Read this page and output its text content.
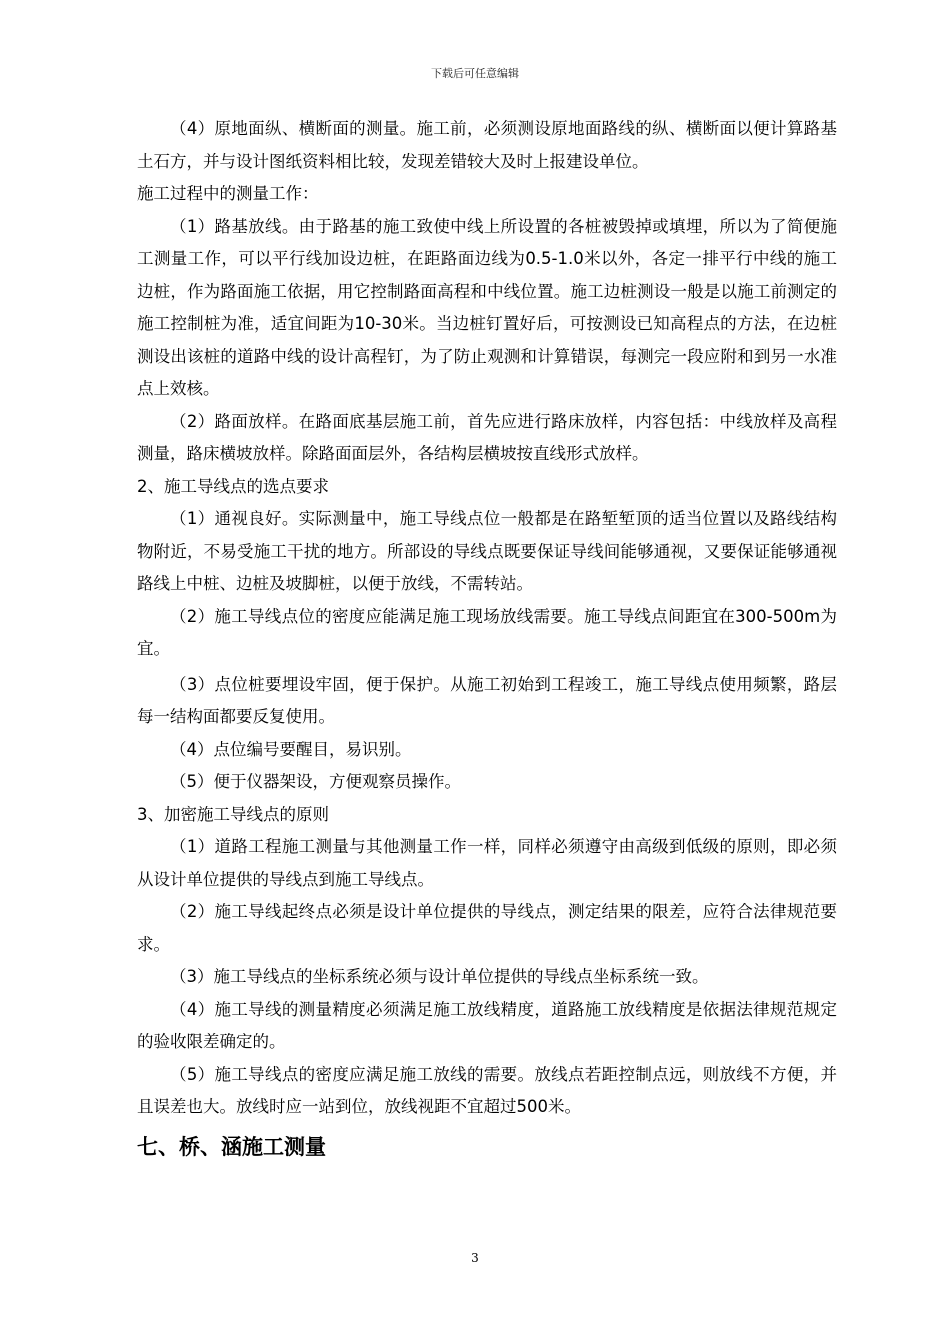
下载后可任意编辑

（4）原地面纵、横断面的测量。施工前，必须测设原地面路线的纵、横断面以便计算路基土石方，并与设计图纸资料相比较，发现差错较大及时上报建设单位。

施工过程中的测量工作：

（1）路基放线。由于路基的施工致使中线上所设置的各桩被毁掉或填埋，所以为了简便施工测量工作，可以平行线加设边桩，在距路面边线为0.5-1.0米以外，各定一排平行中线的施工边桩，作为路面施工依据，用它控制路面高程和中线位置。施工边桩测设一般是以施工前测定的施工控制桩为准，适宜间距为10-30米。当边桩钉置好后，可按测设已知高程点的方法，在边桩测设出该桩的道路中线的设计高程钉，为了防止观测和计算错误，每测完一段应附和到另一水准点上效核。

（2）路面放样。在路面底基层施工前，首先应进行路床放样，内容包括：中线放样及高程测量，路床横坡放样。除路面面层外，各结构层横坡按直线形式放样。

2、施工导线点的选点要求

（1）通视良好。实际测量中，施工导线点位一般都是在路堑堑顶的适当位置以及路线结构物附近，不易受施工干扰的地方。所部设的导线点既要保证导线间能够通视，又要保证能够通视路线上中桩、边桩及坡脚桩，以便于放线，不需转站。

（2）施工导线点位的密度应能满足施工现场放线需要。施工导线点间距宜在300-500m为宜。

（3）点位桩要埋设牢固，便于保护。从施工初始到工程竣工，施工导线点使用频繁，路层每一结构面都要反复使用。

（4）点位编号要醒目，易识别。

（5）便于仪器架设，方便观察员操作。

3、加密施工导线点的原则

（1）道路工程施工测量与其他测量工作一样，同样必须遵守由高级到低级的原则，即必须从设计单位提供的导线点到施工导线点。

（2）施工导线起终点必须是设计单位提供的导线点，测定结果的限差，应符合法律规范要求。

（3）施工导线点的坐标系统必须与设计单位提供的导线点坐标系统一致。

（4）施工导线的测量精度必须满足施工放线精度，道路施工放线精度是依据法律规范规定的验收限差确定的。

（5）施工导线点的密度应满足施工放线的需要。放线点若距控制点远，则放线不方便，并且误差也大。放线时应一站到位，放线视距不宜超过500米。

七、桥、涵施工测量
3
